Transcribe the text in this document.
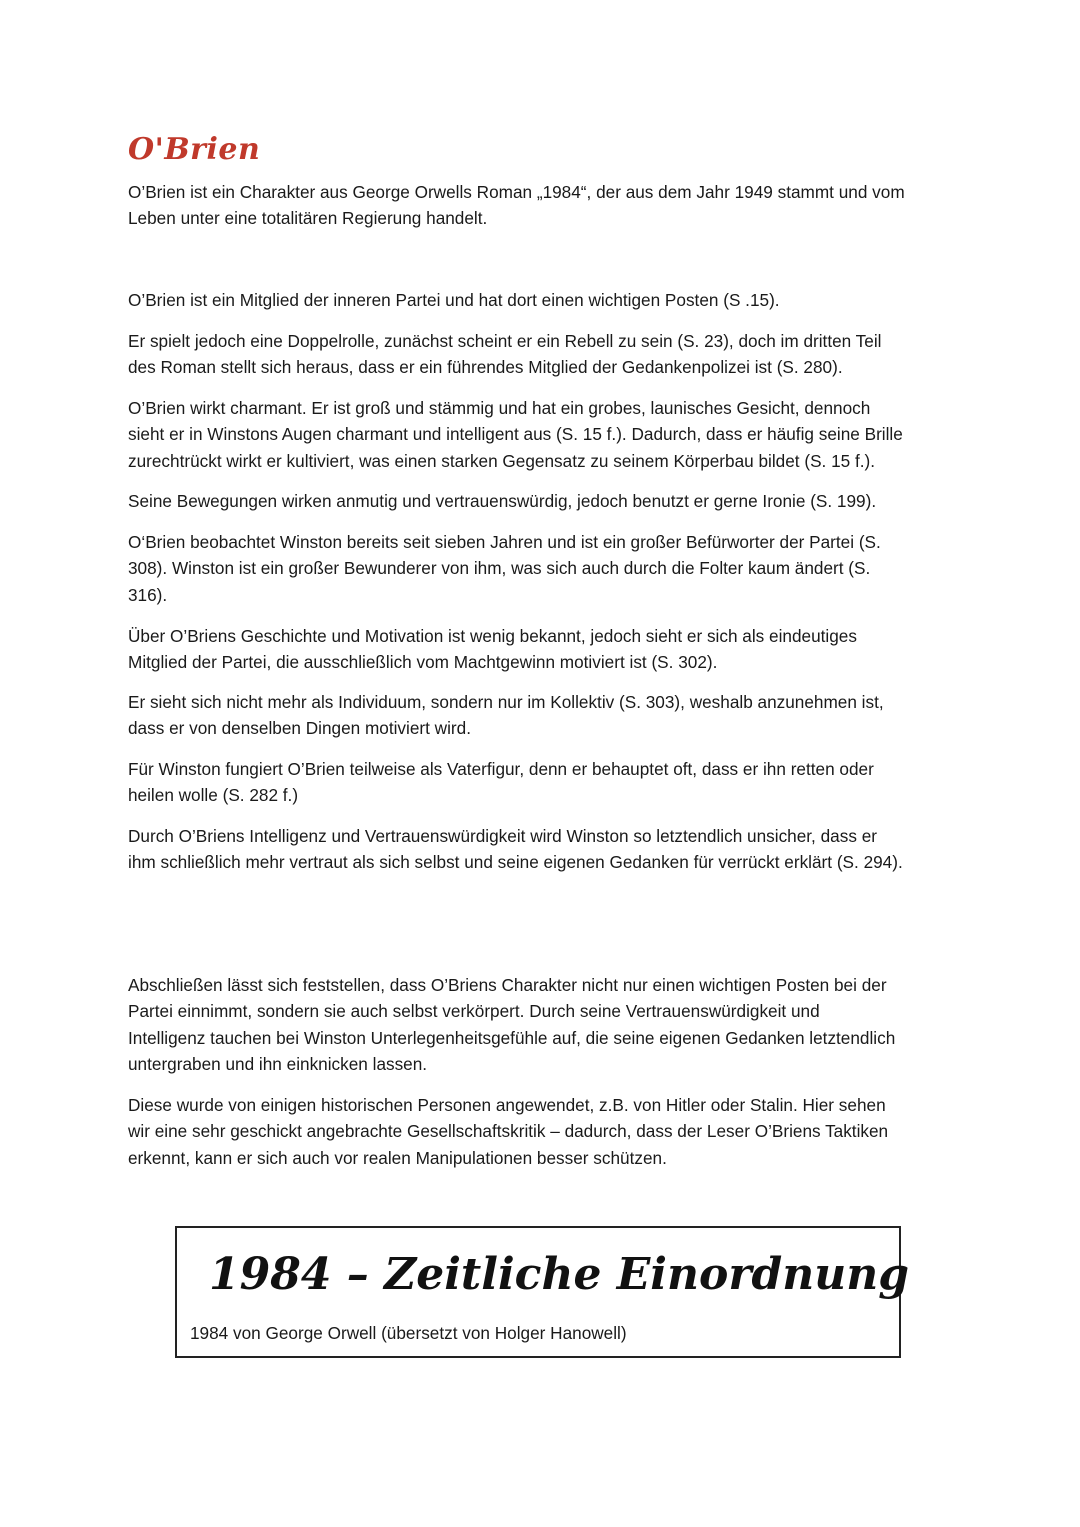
O'Brien

O’Brien ist ein Charakter aus George Orwells Roman „1984“, der aus dem Jahr 1949 stammt und vom
Leben unter eine totalitären Regierung handelt.

O’Brien ist ein Mitglied der inneren Partei und hat dort einen wichtigen Posten (S .15).

Er spielt jedoch eine Doppelrolle, zunächst scheint er ein Rebell zu sein (S. 23), doch im dritten Teil
des Roman stellt sich heraus, dass er ein führendes Mitglied der Gedankenpolizei ist (S. 280).

O’Brien wirkt charmant. Er ist groß und stämmig und hat ein grobes, launisches Gesicht, dennoch
sieht er in Winstons Augen charmant und intelligent aus (S. 15 f.). Dadurch, dass er häufig seine Brille
zurechtrückt wirkt er kultiviert, was einen starken Gegensatz zu seinem Körperbau bildet (S. 15 f.).

Seine Bewegungen wirken anmutig und vertrauenswürdig, jedoch benutzt er gerne Ironie (S. 199).

O‘Brien beobachtet Winston bereits seit sieben Jahren und ist ein großer Befürworter der Partei (S.
308). Winston ist ein großer Bewunderer von ihm, was sich auch durch die Folter kaum ändert (S.
316).

Über O’Briens Geschichte und Motivation ist wenig bekannt, jedoch sieht er sich als eindeutiges
Mitglied der Partei, die ausschließlich vom Machtgewinn motiviert ist (S. 302).

Er sieht sich nicht mehr als Individuum, sondern nur im Kollektiv (S. 303), weshalb anzunehmen ist,
dass er von denselben Dingen motiviert wird.

Für Winston fungiert O’Brien teilweise als Vaterfigur, denn er behauptet oft, dass er ihn retten oder
heilen wolle (S. 282 f.)

Durch O’Briens Intelligenz und Vertrauenswürdigkeit wird Winston so letztendlich unsicher, dass er
ihm schließlich mehr vertraut als sich selbst und seine eigenen Gedanken für verrückt erklärt (S. 294).

Abschließen lässt sich feststellen, dass O’Briens Charakter nicht nur einen wichtigen Posten bei der
Partei einnimmt, sondern sie auch selbst verkörpert. Durch seine Vertrauenswürdigkeit und
Intelligenz tauchen bei Winston Unterlegenheitsgefühle auf, die seine eigenen Gedanken letztendlich
untergraben und ihn einknicken lassen.

Diese wurde von einigen historischen Personen angewendet, z.B. von Hitler oder Stalin. Hier sehen
wir eine sehr geschickt angebrachte Gesellschaftskritik – dadurch, dass der Leser O’Briens Taktiken
erkennt, kann er sich auch vor realen Manipulationen besser schützen.

1984 – Zeitliche Einordnung

1984 von George Orwell (übersetzt von Holger Hanowell)
